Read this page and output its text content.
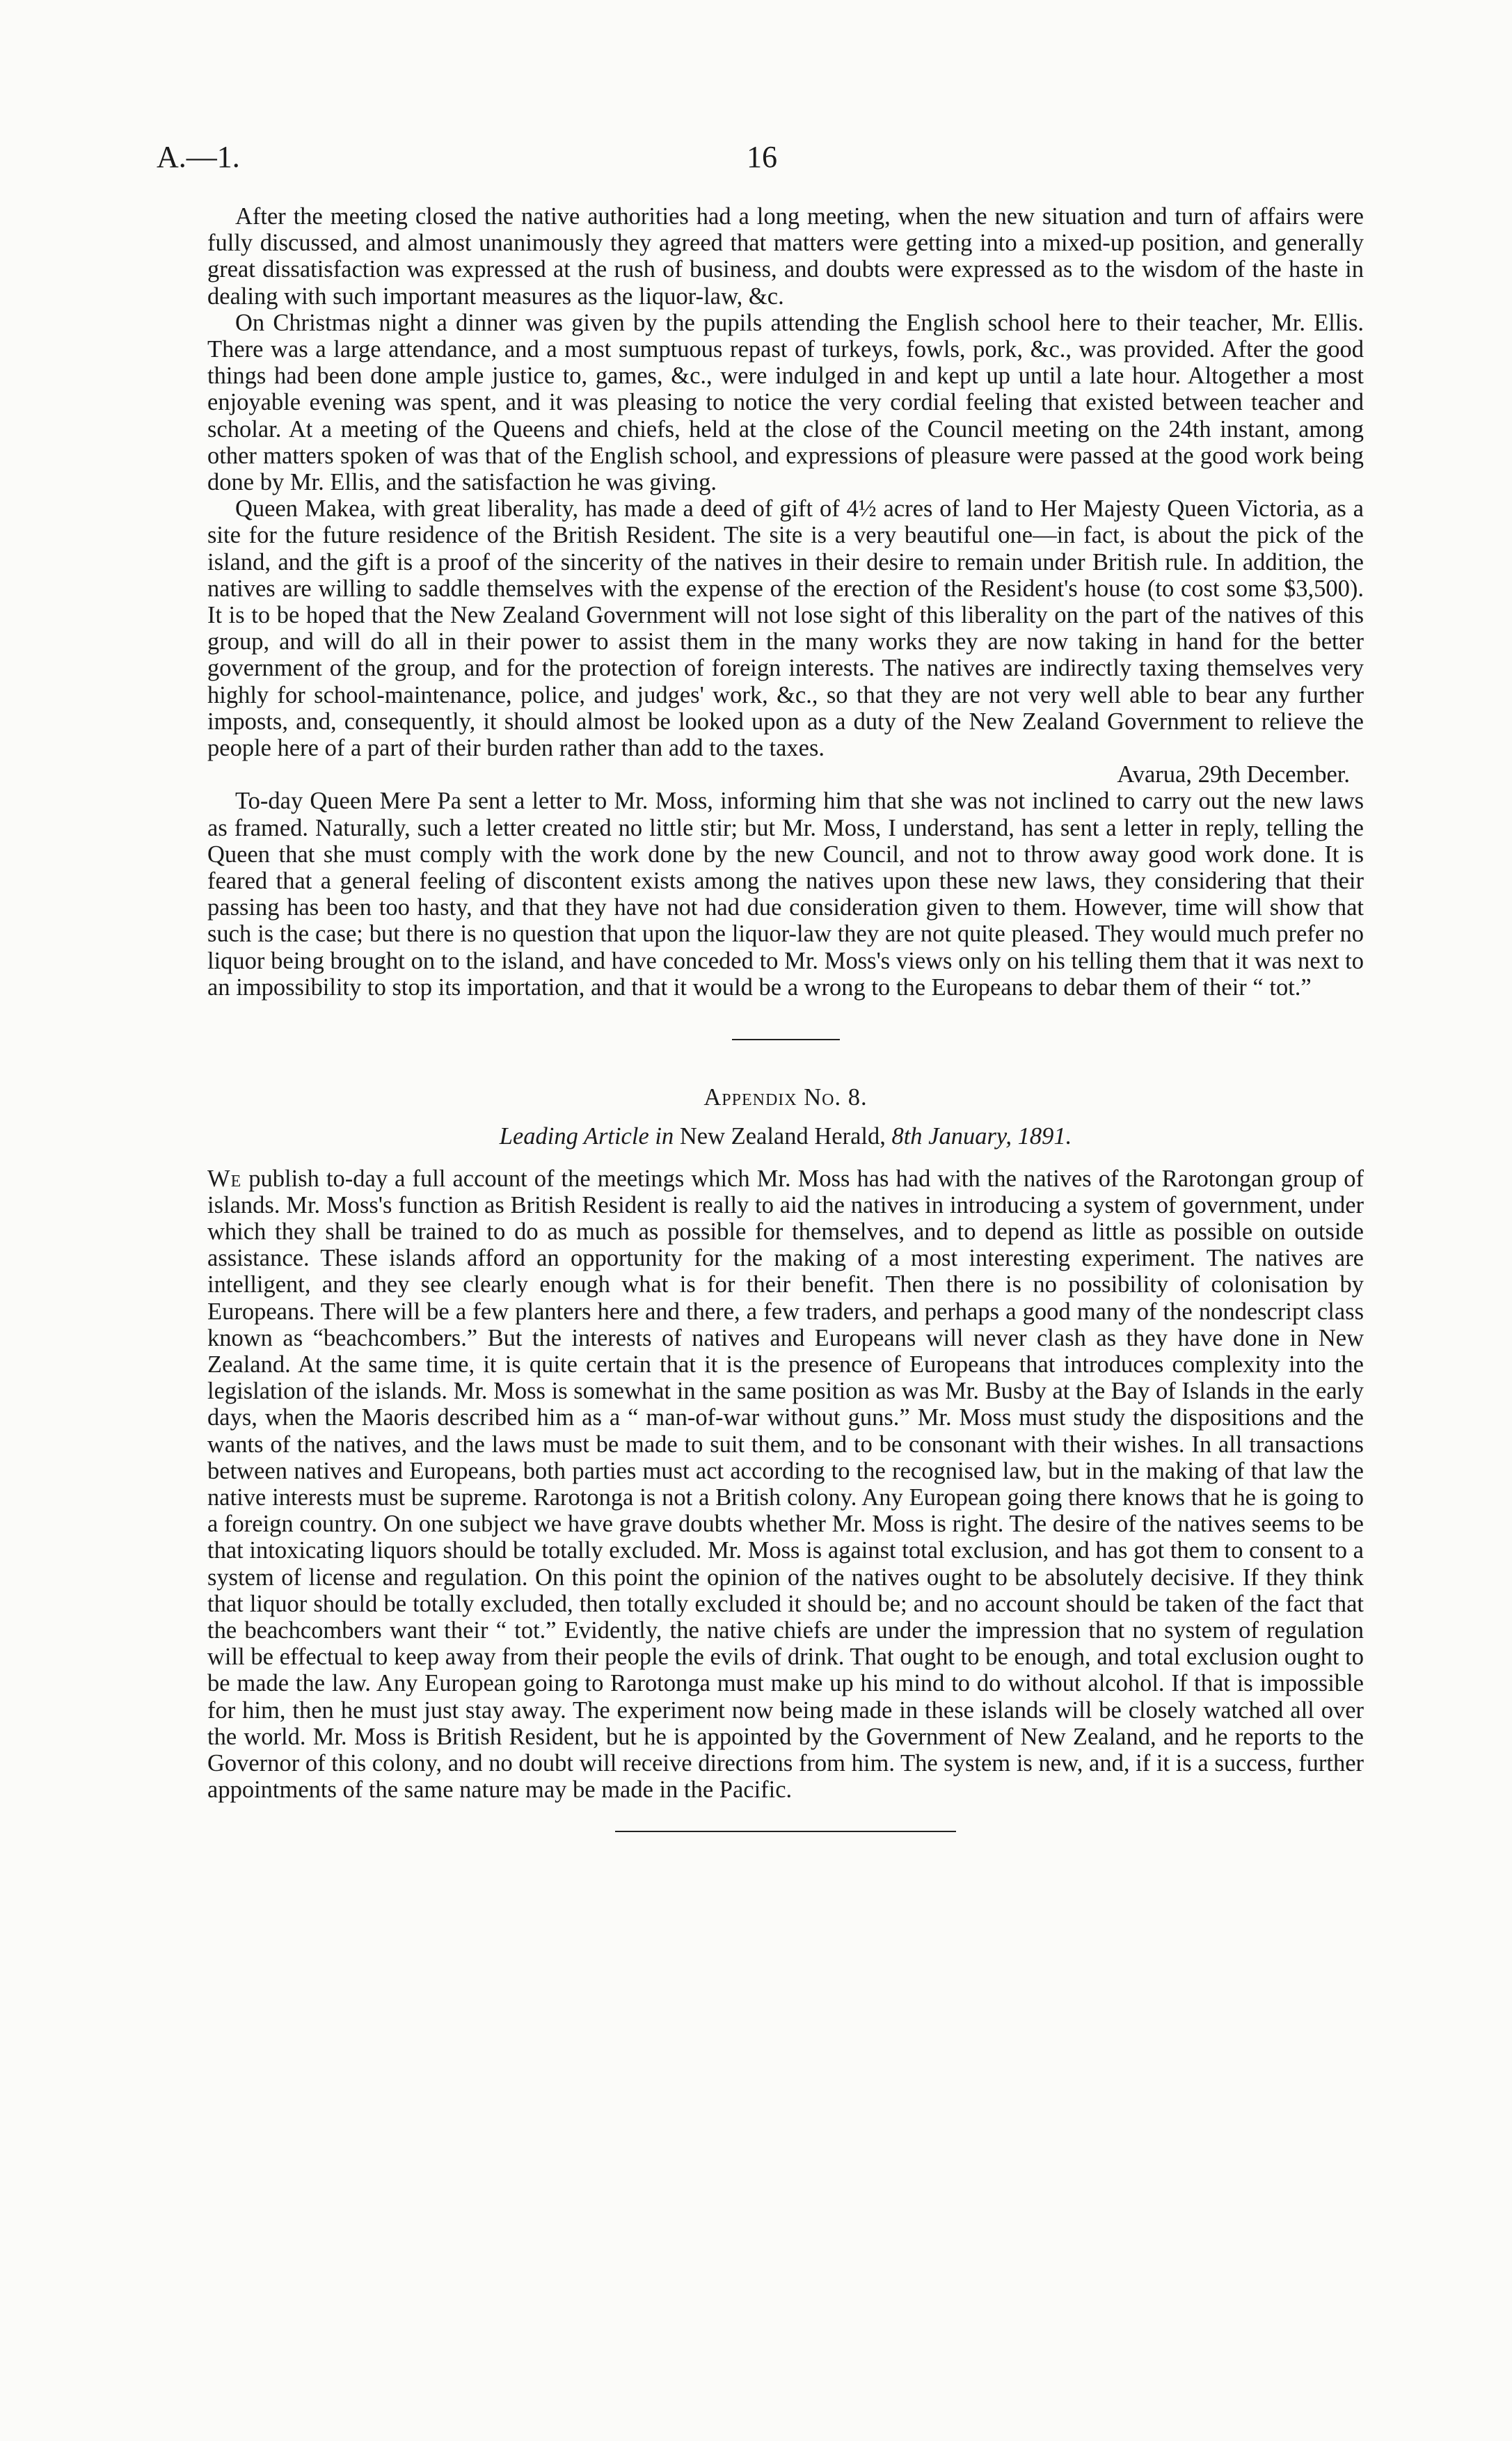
A.—1.	16

After the meeting closed the native authorities had a long meeting, when the new situation and turn of affairs were fully discussed, and almost unanimously they agreed that matters were getting into a mixed-up position, and generally great dissatisfaction was expressed at the rush of business, and doubts were expressed as to the wisdom of the haste in dealing with such important measures as the liquor-law, &c.

On Christmas night a dinner was given by the pupils attending the English school here to their teacher, Mr. Ellis. There was a large attendance, and a most sumptuous repast of turkeys, fowls, pork, &c., was provided. After the good things had been done ample justice to, games, &c., were indulged in and kept up until a late hour. Altogether a most enjoyable evening was spent, and it was pleasing to notice the very cordial feeling that existed between teacher and scholar. At a meeting of the Queens and chiefs, held at the close of the Council meeting on the 24th instant, among other matters spoken of was that of the English school, and expressions of pleasure were passed at the good work being done by Mr. Ellis, and the satisfaction he was giving.

Queen Makea, with great liberality, has made a deed of gift of 4½ acres of land to Her Majesty Queen Victoria, as a site for the future residence of the British Resident. The site is a very beautiful one—in fact, is about the pick of the island, and the gift is a proof of the sincerity of the natives in their desire to remain under British rule. In addition, the natives are willing to saddle themselves with the expense of the erection of the Resident's house (to cost some $3,500). It is to be hoped that the New Zealand Government will not lose sight of this liberality on the part of the natives of this group, and will do all in their power to assist them in the many works they are now taking in hand for the better government of the group, and for the protection of foreign interests. The natives are indirectly taxing themselves very highly for school-maintenance, police, and judges' work, &c., so that they are not very well able to bear any further imposts, and, consequently, it should almost be looked upon as a duty of the New Zealand Government to relieve the people here of a part of their burden rather than add to the taxes.

Avarua, 29th December.

To-day Queen Mere Pa sent a letter to Mr. Moss, informing him that she was not inclined to carry out the new laws as framed. Naturally, such a letter created no little stir; but Mr. Moss, I understand, has sent a letter in reply, telling the Queen that she must comply with the work done by the new Council, and not to throw away good work done. It is feared that a general feeling of discontent exists among the natives upon these new laws, they considering that their passing has been too hasty, and that they have not had due consideration given to them. However, time will show that such is the case; but there is no question that upon the liquor-law they are not quite pleased. They would much prefer no liquor being brought on to the island, and have conceded to Mr. Moss's views only on his telling them that it was next to an impossibility to stop its importation, and that it would be a wrong to the Europeans to debar them of their “ tot.”

Appendix No. 8.
Leading Article in New Zealand Herald, 8th January, 1891.

We publish to-day a full account of the meetings which Mr. Moss has had with the natives of the Rarotongan group of islands. Mr. Moss's function as British Resident is really to aid the natives in introducing a system of government, under which they shall be trained to do as much as possible for themselves, and to depend as little as possible on outside assistance. These islands afford an opportunity for the making of a most interesting experiment. The natives are intelligent, and they see clearly enough what is for their benefit. Then there is no possibility of colonisation by Europeans. There will be a few planters here and there, a few traders, and perhaps a good many of the nondescript class known as “beachcombers.” But the interests of natives and Europeans will never clash as they have done in New Zealand. At the same time, it is quite certain that it is the presence of Europeans that introduces complexity into the legislation of the islands. Mr. Moss is somewhat in the same position as was Mr. Busby at the Bay of Islands in the early days, when the Maoris described him as a “ man-of-war without guns.” Mr. Moss must study the dispositions and the wants of the natives, and the laws must be made to suit them, and to be consonant with their wishes. In all transactions between natives and Europeans, both parties must act according to the recognised law, but in the making of that law the native interests must be supreme. Rarotonga is not a British colony. Any European going there knows that he is going to a foreign country. On one subject we have grave doubts whether Mr. Moss is right. The desire of the natives seems to be that intoxicating liquors should be totally excluded. Mr. Moss is against total exclusion, and has got them to consent to a system of license and regulation. On this point the opinion of the natives ought to be absolutely decisive. If they think that liquor should be totally excluded, then totally excluded it should be; and no account should be taken of the fact that the beachcombers want their “ tot.” Evidently, the native chiefs are under the impression that no system of regulation will be effectual to keep away from their people the evils of drink. That ought to be enough, and total exclusion ought to be made the law. Any European going to Rarotonga must make up his mind to do without alcohol. If that is impossible for him, then he must just stay away. The experiment now being made in these islands will be closely watched all over the world. Mr. Moss is British Resident, but he is appointed by the Government of New Zealand, and he reports to the Governor of this colony, and no doubt will receive directions from him. The system is new, and, if it is a success, further appointments of the same nature may be made in the Pacific.
